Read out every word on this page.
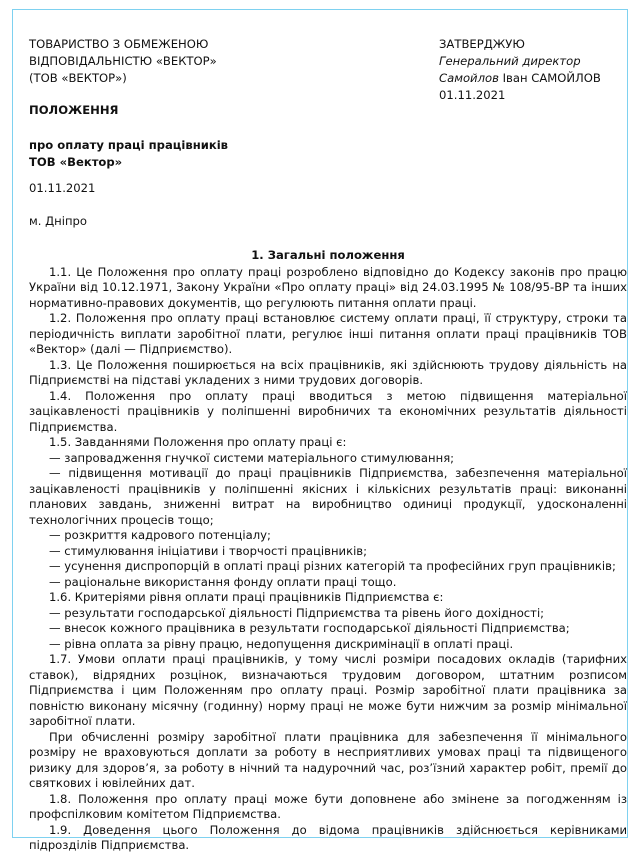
ТОВАРИСТВО З ОБМЕЖЕНОЮ
ВІДПОВІДАЛЬНІСТЮ «ВЕКТОР»
(ТОВ «ВЕКТОР»)
ЗАТВЕРДЖУЮ
Генеральний директор
Самойлов Іван САМОЙЛОВ
01.11.2021
ПОЛОЖЕННЯ
про оплату праці працівників
ТОВ «Вектор»
01.11.2021
м. Дніпро
1. Загальні положення

1.1. Це Положення про оплату праці розроблено відповідно до Кодексу законів про працю України від 10.12.1971, Закону України «Про оплату праці» від 24.03.1995 № 108/95-ВР та інших нормативно-правових документів, що регулюють питання оплати праці.

1.2. Положення про оплату праці встановлює систему оплати праці, її структуру, строки та періодичність виплати заробітної плати, регулює інші питання оплати праці працівників ТОВ «Вектор» (далі — Підприємство).

1.3. Це Положення поширюється на всіх працівників, які здійснюють трудову діяльність на Підприємстві на підставі укладених з ними трудових договорів.

1.4. Положення про оплату праці вводиться з метою підвищення матеріальної зацікавленості працівників у поліпшенні виробничих та економічних результатів діяльності Підприємства.

1.5. Завданнями Положення про оплату праці є:

— запровадження гнучкої системи матеріального стимулювання;

— підвищення мотивації до праці працівників Підприємства, забезпечення матеріальної зацікавленості працівників у поліпшенні якісних і кількісних результатів праці: виконанні планових завдань, зниженні витрат на виробництво одиниці продукції, удосконаленні технологічних процесів тощо;

— розкриття кадрового потенціалу;

— стимулювання ініціативи і творчості працівників;

— усунення диспропорцій в оплаті праці різних категорій та професійних груп працівників;

— раціональне використання фонду оплати праці тощо.

1.6. Критеріями рівня оплати праці працівників Підприємства є:

— результати господарської діяльності Підприємства та рівень його дохідності;

— внесок кожного працівника в результати господарської діяльності Підприємства;

— рівна оплата за рівну працю, недопущення дискримінації в оплаті праці.

1.7. Умови оплати праці працівників, у тому числі розміри посадових окладів (тарифних ставок), відрядних розцінок, визначаються трудовим договором, штатним розписом Підприємства і цим Положенням про оплату праці. Розмір заробітної плати працівника за повністю виконану місячну (годинну) норму праці не може бути нижчим за розмір мінімальної заробітної плати.

При обчисленні розміру заробітної плати працівника для забезпечення її мінімального розміру не враховуються доплати за роботу в несприятливих умовах праці та підвищеного ризику для здоров’я, за роботу в нічний та надурочний час, роз’їзний характер робіт, премії до святкових і ювілейних дат.

1.8. Положення про оплату праці може бути доповнене або змінене за погодженням із профспілковим комітетом Підприємства.

1.9. Доведення цього Положення до відома працівників здійснюється керівниками підрозділів Підприємства.
